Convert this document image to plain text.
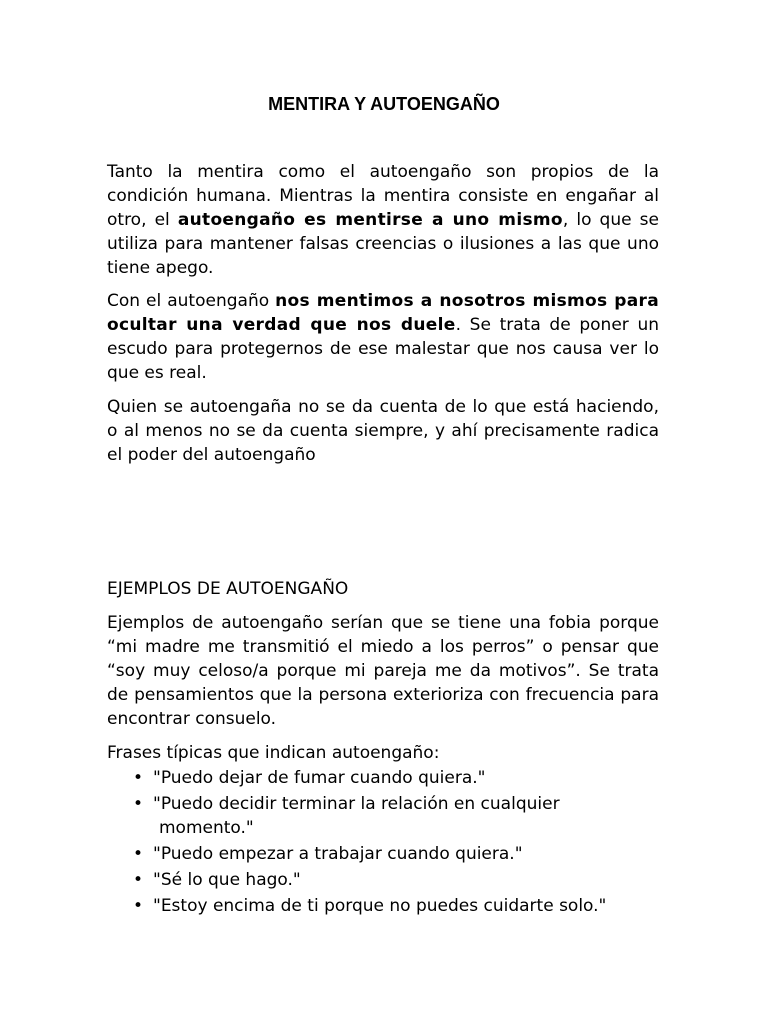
MENTIRA Y AUTOENGAÑO

Tanto la mentira como el autoengaño son propios de la condición humana. Mientras la mentira consiste en engañar al otro, el autoengaño es mentirse a uno mismo, lo que se utiliza para mantener falsas creencias o ilusiones a las que uno tiene apego.

Con el autoengaño nos mentimos a nosotros mismos para ocultar una verdad que nos duele. Se trata de poner un escudo para protegernos de ese malestar que nos causa ver lo que es real.

Quien se autoengaña no se da cuenta de lo que está haciendo, o al menos no se da cuenta siempre, y ahí precisamente radica el poder del autoengaño

EJEMPLOS DE AUTOENGAÑO

Ejemplos de autoengaño serían que se tiene una fobia porque “mi madre me transmitió el miedo a los perros” o pensar que “soy muy celoso/a porque mi pareja me da motivos”. Se trata de pensamientos que la persona exterioriza con frecuencia para encontrar consuelo.

Frases típicas que indican autoengaño:

• "Puedo dejar de fumar cuando quiera."
• "Puedo decidir terminar la relación en cualquier
momento."
• "Puedo empezar a trabajar cuando quiera."
• "Sé lo que hago."
• "Estoy encima de ti porque no puedes cuidarte solo."
